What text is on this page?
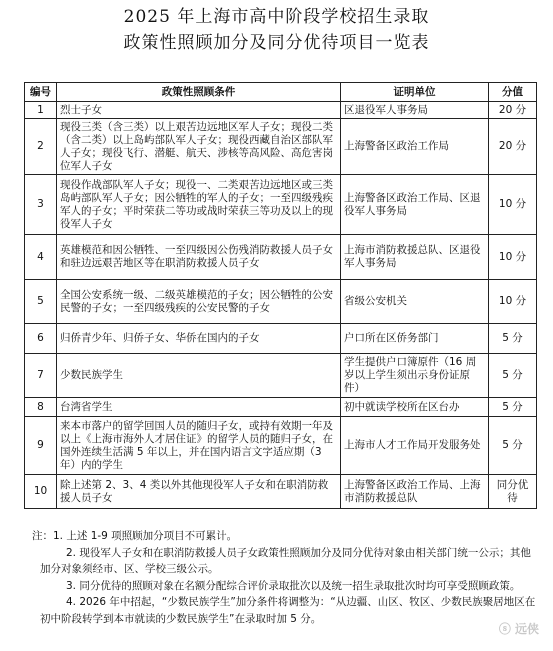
2025 年上海市高中阶段学校招生录取
政策性照顾加分及同分优待项目一览表
编号	政策性照顾条件	证明单位	分值
1	烈士子女	区退役军人事务局	20 分
2	现役三类（含三类）以上艰苦边远地区军人子女；现役二类（含二类）以上岛屿部队军人子女；现役西藏自治区部队军人子女；现役飞行、潜艇、航天、涉核等高风险、高危害岗位军人子女	上海警备区政治工作局	20 分
3	现役作战部队军人子女；现役一、二类艰苦边远地区或三类岛屿部队军人子女；因公牺牲的军人的子女；一至四级残疾军人的子女；平时荣获二等功或战时荣获三等功及以上的现役军人子女	上海警备区政治工作局、区退役军人事务局	10 分
4	英雄模范和因公牺牲、一至四级因公伤残消防救援人员子女和驻边远艰苦地区等在职消防救援人员子女	上海市消防救援总队、区退役军人事务局	10 分
5	全国公安系统一级、二级英雄模范的子女；因公牺牲的公安民警的子女；一至四级残疾的公安民警的子女	省级公安机关	10 分
6	归侨青少年、归侨子女、华侨在国内的子女	户口所在区侨务部门	5 分
7	少数民族学生	学生提供户口簿原件（16 周岁以上学生须出示身份证原件）	5 分
8	台湾省学生	初中就读学校所在区台办	5 分
9	来本市落户的留学回国人员的随归子女，或持有效期一年及以上《上海市海外人才居住证》的留学人员的随归子女，在国外连续生活满 5 年以上，并在国内语言文字适应期（3 年）内的学生	上海市人才工作局开发服务处	5 分
10	除上述第 2、3、4 类以外其他现役军人子女和在职消防救援人员子女	上海警备区政治工作局、上海市消防救援总队	同分优待
注：1. 上述 1-9 项照顾加分项目不可累计。
2. 现役军人子女和在职消防救援人员子女政策性照顾加分及同分优待对象由相关部门统一公示；其他加分对象须经市、区、学校三级公示。
3. 同分优待的照顾对象在名额分配综合评价录取批次以及统一招生录取批次时均可享受照顾政策。
4. 2026 年中招起，“少数民族学生”加分条件将调整为：“从边疆、山区、牧区、少数民族聚居地区在初中阶段转学到本市就读的少数民族学生”在录取时加 5 分。
ⓢ 远侠
